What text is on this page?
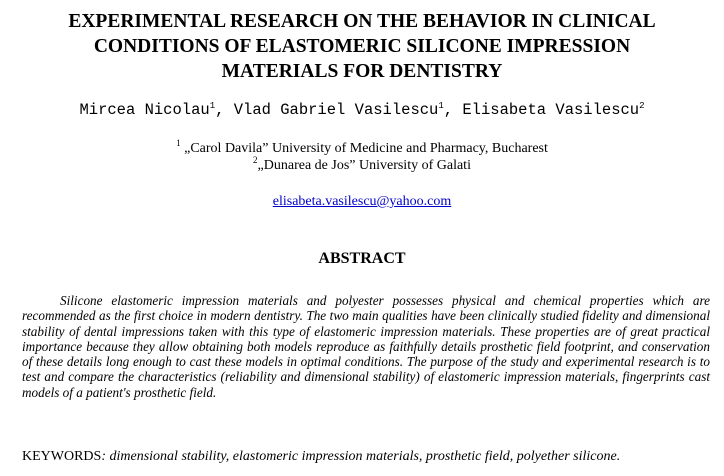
EXPERIMENTAL RESEARCH ON THE BEHAVIOR IN CLINICAL
CONDITIONS OF ELASTOMERIC SILICONE IMPRESSION
MATERIALS FOR DENTISTRY
Mircea Nicolau$^1$, Vlad Gabriel Vasilescu$^1$, Elisabeta Vasilescu$^2$
$^1$ „Carol Davila” University of Medicine and Pharmacy, Bucharest
$^2$„Dunarea de Jos” University of Galati
elisabeta.vasilescu@yahoo.com
ABSTRACT

Silicone elastomeric impression materials and polyester possesses physical and chemical properties which are recommended as the first choice in modern dentistry. The two main qualities have been clinically studied fidelity and dimensional stability of dental impressions taken with this type of elastomeric impression materials. These properties are of great practical importance because they allow obtaining both models reproduce as faithfully details prosthetic field footprint, and conservation of these details long enough to cast these models in optimal conditions. The purpose of the study and experimental research is to test and compare the characteristics (reliability and dimensional stability) of elastomeric impression materials, fingerprints cast models of a patient's prosthetic field.

KEYWORDS: dimensional stability, elastomeric impression materials, prosthetic field, polyether silicone.
